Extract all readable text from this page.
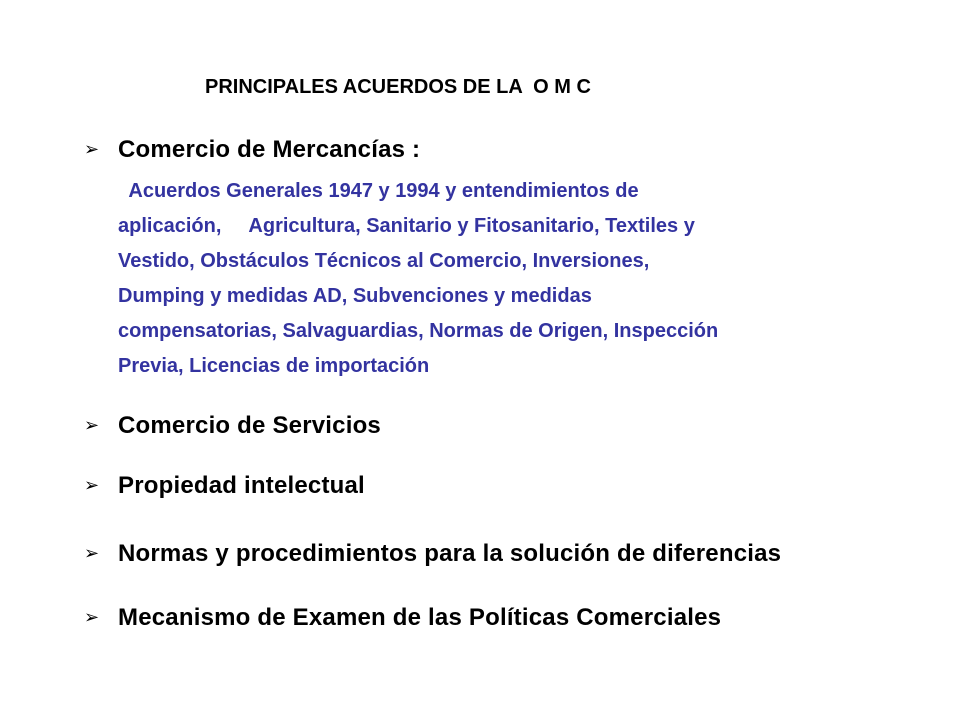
PRINCIPALES ACUERDOS DE LA  O M C
➢ Comercio de Mercancías :
Acuerdos Generales 1947 y 1994 y entendimientos de
aplicación,     Agricultura, Sanitario y Fitosanitario, Textiles y
Vestido, Obstáculos Técnicos al Comercio, Inversiones,
Dumping y medidas AD, Subvenciones y medidas
compensatorias, Salvaguardias, Normas de Origen, Inspección
Previa, Licencias de importación
➢ Comercio de Servicios
➢ Propiedad intelectual
➢ Normas y procedimientos para la solución de diferencias
➢ Mecanismo de Examen de las Políticas Comerciales
